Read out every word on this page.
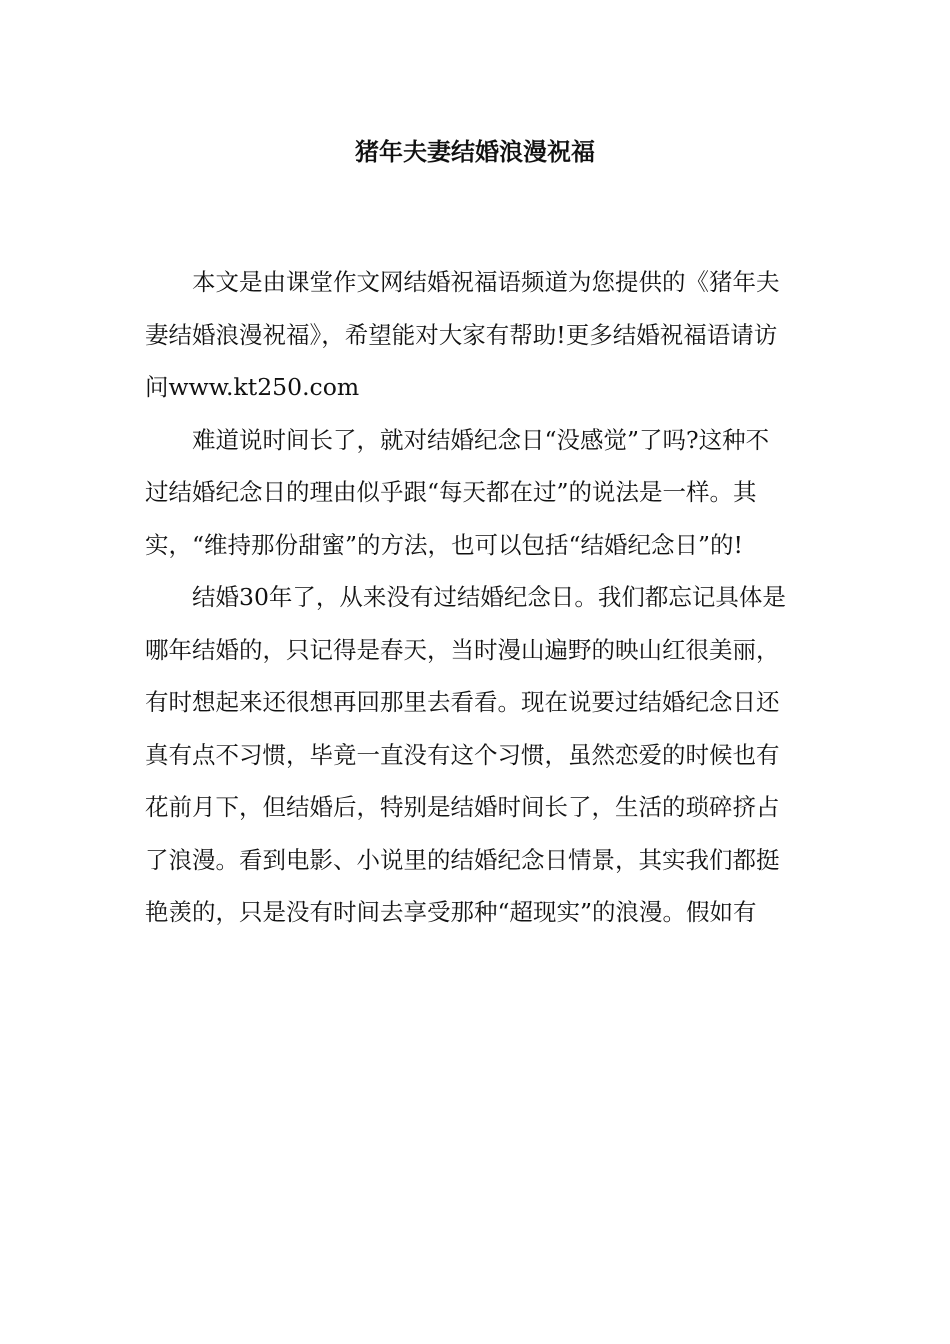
猪年夫妻结婚浪漫祝福

本文是由课堂作文网结婚祝福语频道为您提供的《猪年夫
妻结婚浪漫祝福》，希望能对大家有帮助!更多结婚祝福语请访
问www.kt250.com

难道说时间长了，就对结婚纪念日“没感觉”了吗?这种不
过结婚纪念日的理由似乎跟“每天都在过”的说法是一样。其
实，“维持那份甜蜜”的方法，也可以包括“结婚纪念日”的!

结婚30年了，从来没有过结婚纪念日。我们都忘记具体是
哪年结婚的，只记得是春天，当时漫山遍野的映山红很美丽，
有时想起来还很想再回那里去看看。现在说要过结婚纪念日还
真有点不习惯，毕竟一直没有这个习惯，虽然恋爱的时候也有
花前月下，但结婚后，特别是结婚时间长了，生活的琐碎挤占
了浪漫。看到电影、小说里的结婚纪念日情景，其实我们都挺
艳羡的，只是没有时间去享受那种“超现实”的浪漫。假如有
